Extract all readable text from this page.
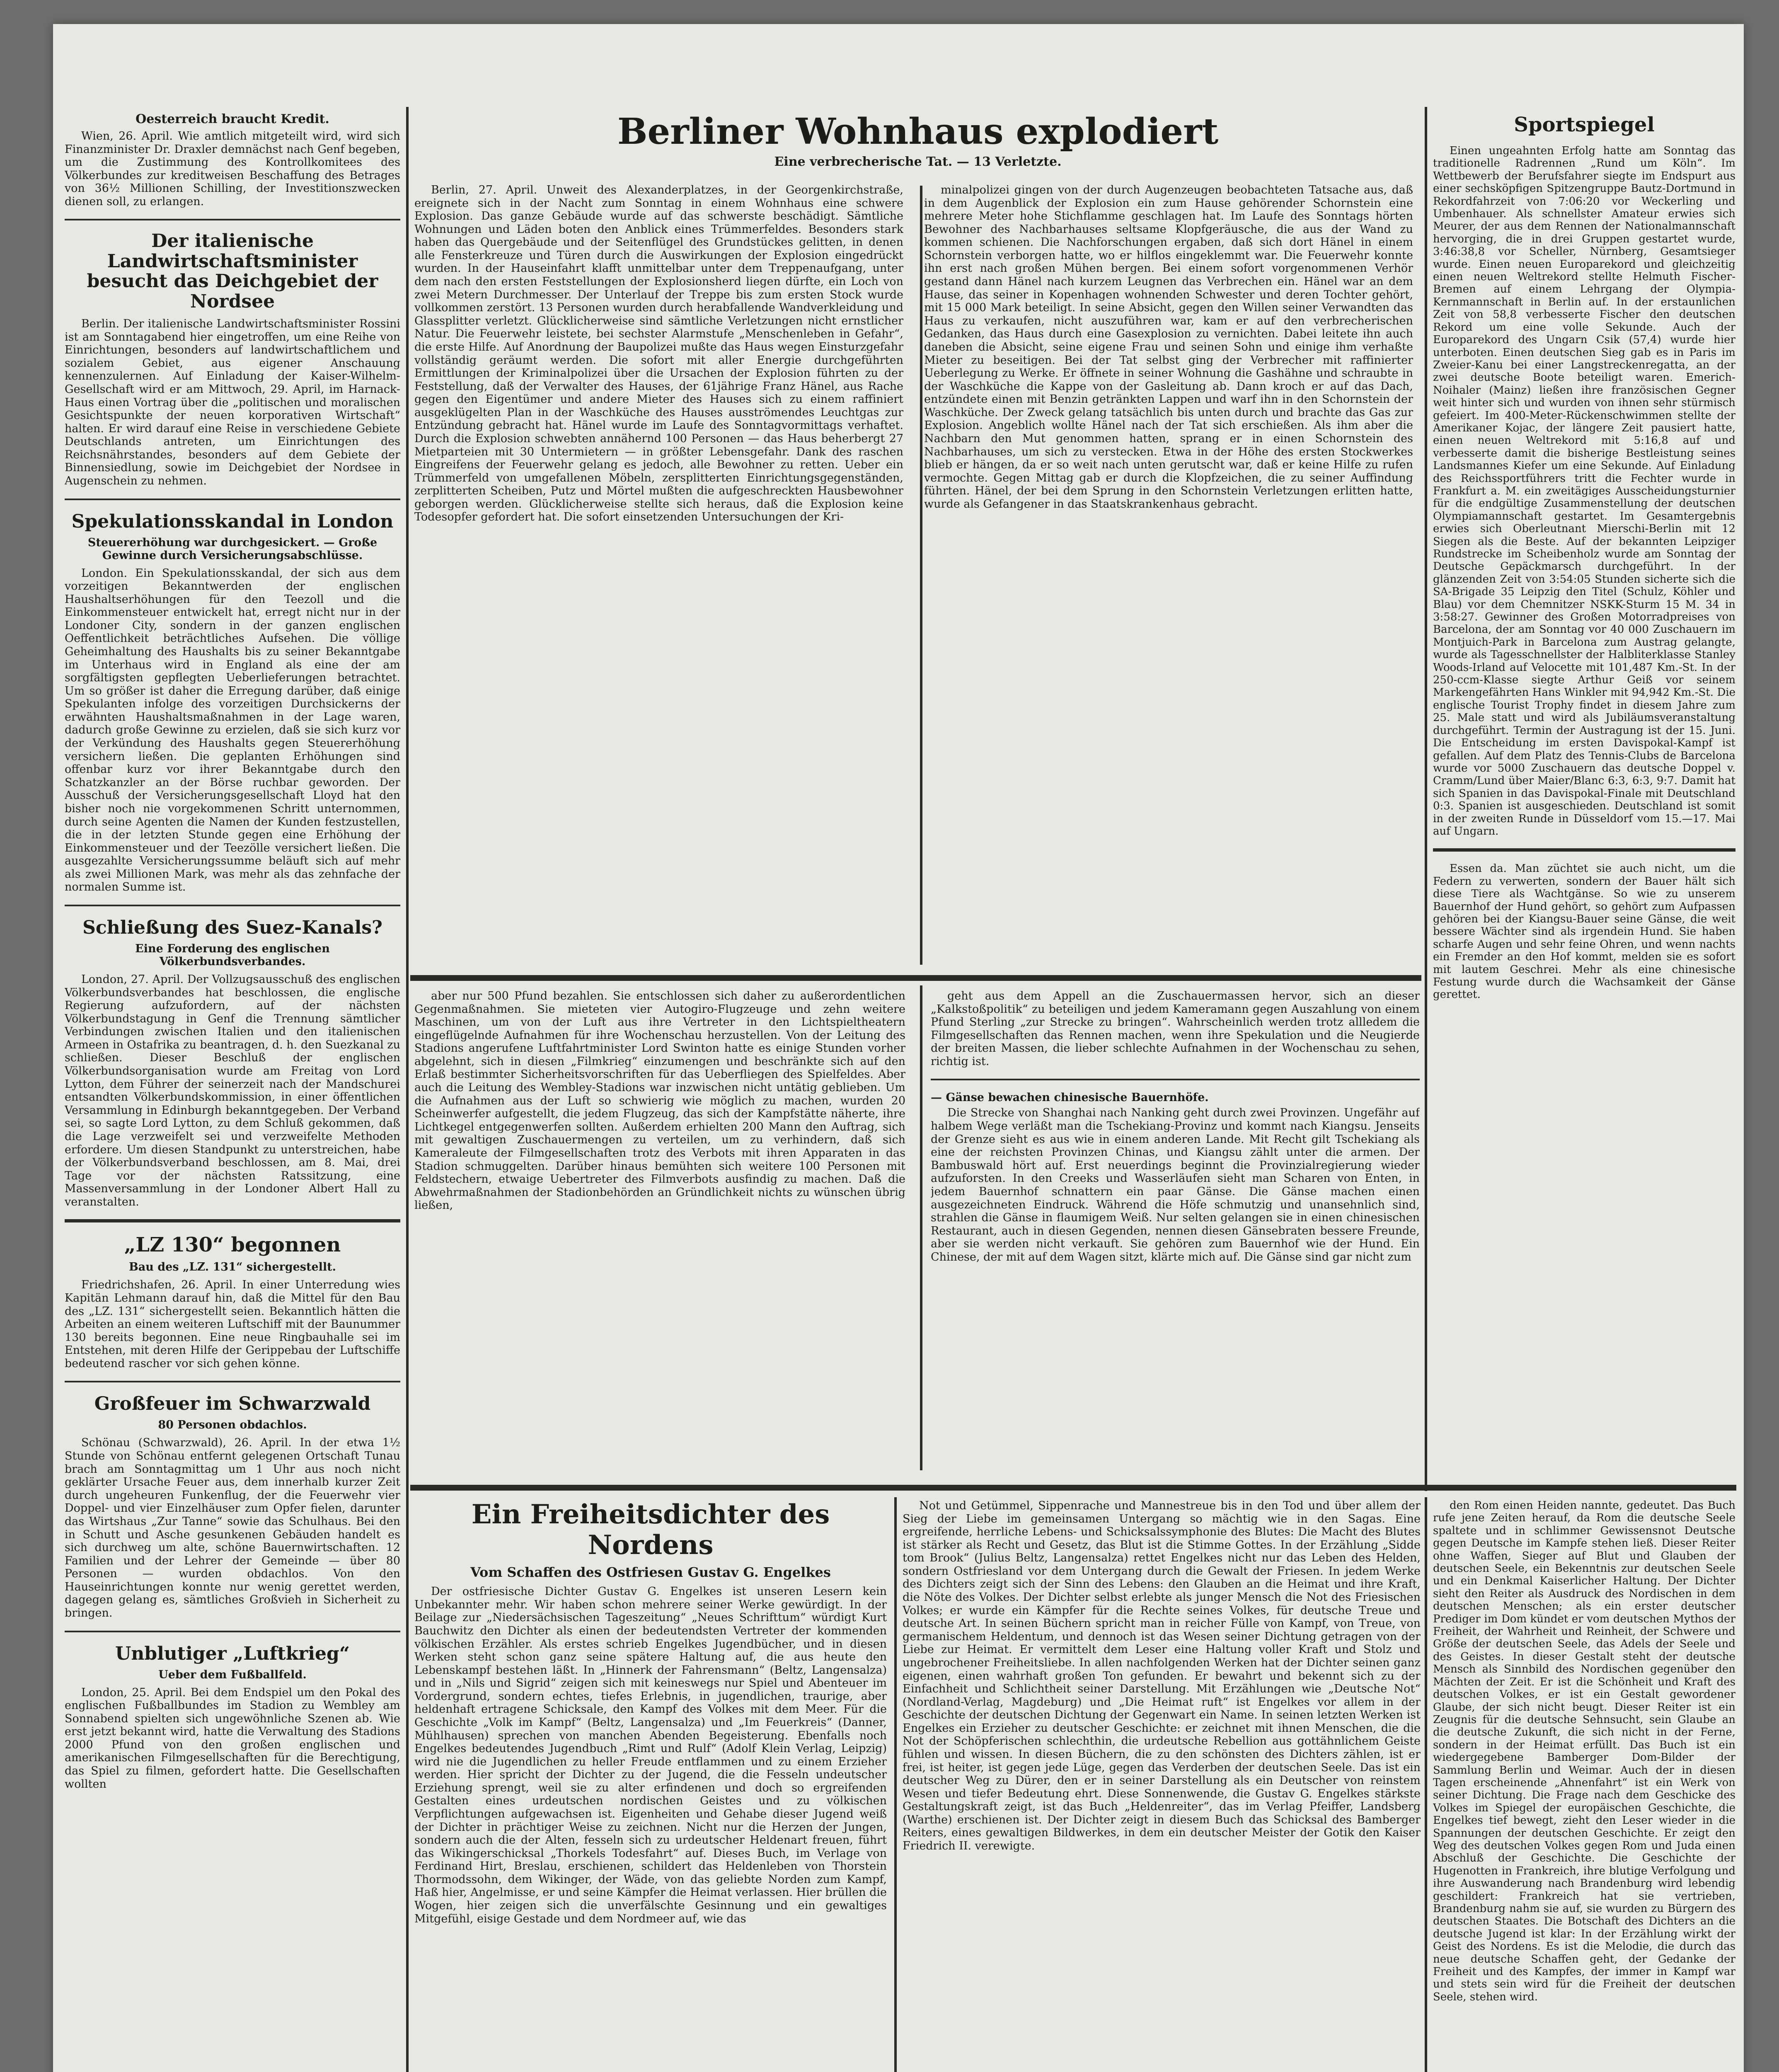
Oesterreich braucht Kredit.

Wien, 26. April. Wie amtlich mitgeteilt wird, wird sich Finanzminister Dr. Draxler demnächst nach Genf begeben, um die Zustimmung des Kontrollkomitees des Völkerbundes zur kreditweisen Beschaffung des Betrages von 36½ Millionen Schilling, der Investitionszwecken dienen soll, zu erlangen.

Der italienische Landwirtschaftsminister besucht das Deichgebiet der Nordsee

Berlin. Der italienische Landwirtschaftsminister Rossini ist am Sonntagabend hier eingetroffen, um eine Reihe von Einrichtungen, besonders auf landwirtschaftlichem und sozialem Gebiet, aus eigener Anschauung kennenzulernen. Auf Einladung der Kaiser-Wilhelm-Gesellschaft wird er am Mittwoch, 29. April, im Harnack-Haus einen Vortrag über die „politischen und moralischen Gesichtspunkte der neuen korporativen Wirtschaft“ halten. Er wird darauf eine Reise in verschiedene Gebiete Deutschlands antreten, um Einrichtungen des Reichsnährstandes, besonders auf dem Gebiete der Binnensiedlung, sowie im Deichgebiet der Nordsee in Augenschein zu nehmen.

Spekulationsskandal in London
Steuererhöhung war durchgesickert. — Große Gewinne durch Versicherungsabschlüsse.

London. Ein Spekulationsskandal, der sich aus dem vorzeitigen Bekanntwerden der englischen Haushaltserhöhungen für den Teezoll und die Einkommensteuer entwickelt hat, erregt nicht nur in der Londoner City, sondern in der ganzen englischen Oeffentlichkeit beträchtliches Aufsehen. Die völlige Geheimhaltung des Haushalts bis zu seiner Bekanntgabe im Unterhaus wird in England als eine der am sorgfältigsten gepflegten Ueberlieferungen betrachtet. Um so größer ist daher die Erregung darüber, daß einige Spekulanten infolge des vorzeitigen Durchsickerns der erwähnten Haushaltsmaßnahmen in der Lage waren, dadurch große Gewinne zu erzielen, daß sie sich kurz vor der Verkündung des Haushalts gegen Steuererhöhung versichern ließen. Die geplanten Erhöhungen sind offenbar kurz vor ihrer Bekanntgabe durch den Schatzkanzler an der Börse ruchbar geworden. Der Ausschuß der Versicherungsgesellschaft Lloyd hat den bisher noch nie vorgekommenen Schritt unternommen, durch seine Agenten die Namen der Kunden festzustellen, die in der letzten Stunde gegen eine Erhöhung der Einkommensteuer und der Teezölle versichert ließen. Die ausgezahlte Versicherungssumme beläuft sich auf mehr als zwei Millionen Mark, was mehr als das zehnfache der normalen Summe ist.

Schließung des Suez-Kanals?
Eine Forderung des englischen Völkerbundsverbandes.

London, 27. April. Der Vollzugsausschuß des englischen Völkerbundsverbandes hat beschlossen, die englische Regierung aufzufordern, auf der nächsten Völkerbundstagung in Genf die Trennung sämtlicher Verbindungen zwischen Italien und den italienischen Armeen in Ostafrika zu beantragen, d. h. den Suezkanal zu schließen. Dieser Beschluß der englischen Völkerbundsorganisation wurde am Freitag von Lord Lytton, dem Führer der seinerzeit nach der Mandschurei entsandten Völkerbundskommission, in einer öffentlichen Versammlung in Edinburgh bekanntgegeben. Der Verband sei, so sagte Lord Lytton, zu dem Schluß gekommen, daß die Lage verzweifelt sei und verzweifelte Methoden erfordere. Um diesen Standpunkt zu unterstreichen, habe der Völkerbundsverband beschlossen, am 8. Mai, drei Tage vor der nächsten Ratssitzung, eine Massenversammlung in der Londoner Albert Hall zu veranstalten.

„LZ 130“ begonnen
Bau des „LZ. 131“ sichergestellt.

Friedrichshafen, 26. April. In einer Unterredung wies Kapitän Lehmann darauf hin, daß die Mittel für den Bau des „LZ. 131“ sichergestellt seien. Bekanntlich hätten die Arbeiten an einem weiteren Luftschiff mit der Baunummer 130 bereits begonnen. Eine neue Ringbauhalle sei im Entstehen, mit deren Hilfe der Gerippebau der Luftschiffe bedeutend rascher vor sich gehen könne.

Großfeuer im Schwarzwald
80 Personen obdachlos.

Schönau (Schwarzwald), 26. April. In der etwa 1½ Stunde von Schönau entfernt gelegenen Ortschaft Tunau brach am Sonntagmittag um 1 Uhr aus noch nicht geklärter Ursache Feuer aus, dem innerhalb kurzer Zeit durch ungeheuren Funkenflug, der die Feuerwehr vier Doppel- und vier Einzelhäuser zum Opfer fielen, darunter das Wirtshaus „Zur Tanne“ sowie das Schulhaus. Bei den in Schutt und Asche gesunkenen Gebäuden handelt es sich durchweg um alte, schöne Bauernwirtschaften. 12 Familien und der Lehrer der Gemeinde — über 80 Personen — wurden obdachlos. Von den Hauseinrichtungen konnte nur wenig gerettet werden, dagegen gelang es, sämtliches Großvieh in Sicherheit zu bringen.

Unblutiger „Luftkrieg“
Ueber dem Fußballfeld.

London, 25. April. Bei dem Endspiel um den Pokal des englischen Fußballbundes im Stadion zu Wembley am Sonnabend spielten sich ungewöhnliche Szenen ab. Wie erst jetzt bekannt wird, hatte die Verwaltung des Stadions 2000 Pfund von den großen englischen und amerikanischen Filmgesellschaften für die Berechtigung, das Spiel zu filmen, gefordert hatte. Die Gesellschaften wollten

Berliner Wohnhaus explodiert
Eine verbrecherische Tat. — 13 Verletzte.

Berlin, 27. April. Unweit des Alexanderplatzes, in der Georgenkirchstraße, ereignete sich in der Nacht zum Sonntag in einem Wohnhaus eine schwere Explosion. Das ganze Gebäude wurde auf das schwerste beschädigt. Sämtliche Wohnungen und Läden boten den Anblick eines Trümmerfeldes. Besonders stark haben das Quergebäude und der Seitenflügel des Grundstückes gelitten, in denen alle Fensterkreuze und Türen durch die Auswirkungen der Explosion eingedrückt wurden. In der Hauseinfahrt klafft unmittelbar unter dem Treppenaufgang, unter dem nach den ersten Feststellungen der Explosionsherd liegen dürfte, ein Loch von zwei Metern Durchmesser. Der Unterlauf der Treppe bis zum ersten Stock wurde vollkommen zerstört. 13 Personen wurden durch herabfallende Wandverkleidung und Glassplitter verletzt. Glücklicherweise sind sämtliche Verletzungen nicht ernstlicher Natur. Die Feuerwehr leistete, bei sechster Alarmstufe „Menschenleben in Gefahr“, die erste Hilfe. Auf Anordnung der Baupolizei mußte das Haus wegen Einsturzgefahr vollständig geräumt werden. Die sofort mit aller Energie durchgeführten Ermittlungen der Kriminalpolizei über die Ursachen der Explosion führten zu der Feststellung, daß der Verwalter des Hauses, der 61jährige Franz Hänel, aus Rache gegen den Eigentümer und andere Mieter des Hauses sich zu einem raffiniert ausgeklügelten Plan in der Waschküche des Hauses ausströmendes Leuchtgas zur Entzündung gebracht hat. Hänel wurde im Laufe des Sonntagvormittags verhaftet. Durch die Explosion schwebten annähernd 100 Personen — das Haus beherbergt 27 Mietparteien mit 30 Untermietern — in größter Lebensgefahr. Dank des raschen Eingreifens der Feuerwehr gelang es jedoch, alle Bewohner zu retten. Ueber ein Trümmerfeld von umgefallenen Möbeln, zersplitterten Einrichtungsgegenständen, zerplitterten Scheiben, Putz und Mörtel mußten die aufgeschreckten Hausbewohner geborgen werden. Glücklicherweise stellte sich heraus, daß die Explosion keine Todesopfer gefordert hat. Die sofort einsetzenden Untersuchungen der Kri-

minalpolizei gingen von der durch Augenzeugen beobachteten Tatsache aus, daß in dem Augenblick der Explosion ein zum Hause gehörender Schornstein eine mehrere Meter hohe Stichflamme geschlagen hat. Im Laufe des Sonntags hörten Bewohner des Nachbarhauses seltsame Klopfgeräusche, die aus der Wand zu kommen schienen. Die Nachforschungen ergaben, daß sich dort Hänel in einem Schornstein verborgen hatte, wo er hilflos eingeklemmt war. Die Feuerwehr konnte ihn erst nach großen Mühen bergen. Bei einem sofort vorgenommenen Verhör gestand dann Hänel nach kurzem Leugnen das Verbrechen ein. Hänel war an dem Hause, das seiner in Kopenhagen wohnenden Schwester und deren Tochter gehört, mit 15 000 Mark beteiligt. In seine Absicht, gegen den Willen seiner Verwandten das Haus zu verkaufen, nicht auszuführen war, kam er auf den verbrecherischen Gedanken, das Haus durch eine Gasexplosion zu vernichten. Dabei leitete ihn auch daneben die Absicht, seine eigene Frau und seinen Sohn und einige ihm verhaßte Mieter zu beseitigen. Bei der Tat selbst ging der Verbrecher mit raffinierter Ueberlegung zu Werke. Er öffnete in seiner Wohnung die Gashähne und schraubte in der Waschküche die Kappe von der Gasleitung ab. Dann kroch er auf das Dach, entzündete einen mit Benzin getränkten Lappen und warf ihn in den Schornstein der Waschküche. Der Zweck gelang tatsächlich bis unten durch und brachte das Gas zur Explosion. Angeblich wollte Hänel nach der Tat sich erschießen. Als ihm aber die Nachbarn den Mut genommen hatten, sprang er in einen Schornstein des Nachbarhauses, um sich zu verstecken. Etwa in der Höhe des ersten Stockwerkes blieb er hängen, da er so weit nach unten gerutscht war, daß er keine Hilfe zu rufen vermochte. Gegen Mittag gab er durch die Klopfzeichen, die zu seiner Auffindung führten. Hänel, der bei dem Sprung in den Schornstein Verletzungen erlitten hatte, wurde als Gefangener in das Staatskrankenhaus gebracht.

aber nur 500 Pfund bezahlen. Sie entschlossen sich daher zu außerordentlichen Gegenmaßnahmen. Sie mieteten vier Autogiro-Flugzeuge und zehn weitere Maschinen, um von der Luft aus ihre Vertreter in den Lichtspieltheatern eingeflügelnde Aufnahmen für ihre Wochenschau herzustellen. Von der Leitung des Stadions angerufene Luftfahrtminister Lord Swinton hatte es einige Stunden vorher abgelehnt, sich in diesen „Filmkrieg“ einzumengen und beschränkte sich auf den Erlaß bestimmter Sicherheitsvorschriften für das Ueberfliegen des Spielfeldes. Aber auch die Leitung des Wembley-Stadions war inzwischen nicht untätig geblieben. Um die Aufnahmen aus der Luft so schwierig wie möglich zu machen, wurden 20 Scheinwerfer aufgestellt, die jedem Flugzeug, das sich der Kampfstätte näherte, ihre Lichtkegel entgegenwerfen sollten. Außerdem erhielten 200 Mann den Auftrag, sich mit gewaltigen Zuschauermengen zu verteilen, um zu verhindern, daß sich Kameraleute der Filmgesellschaften trotz des Verbots mit ihren Apparaten in das Stadion schmuggelten. Darüber hinaus bemühten sich weitere 100 Personen mit Feldstechern, etwaige Uebertreter des Filmverbots ausfindig zu machen. Daß die Abwehrmaßnahmen der Stadionbehörden an Gründlichkeit nichts zu wünschen übrig ließen,

geht aus dem Appell an die Zuschauermassen hervor, sich an dieser „Kalkstoßpolitik“ zu beteiligen und jedem Kameramann gegen Auszahlung von einem Pfund Sterling „zur Strecke zu bringen“. Wahrscheinlich werden trotz allledem die Filmgesellschaften das Rennen machen, wenn ihre Spekulation und die Neugierde der breiten Massen, die lieber schlechte Aufnahmen in der Wochenschau zu sehen, richtig ist.

— Gänse bewachen chinesische Bauernhöfe.

Die Strecke von Shanghai nach Nanking geht durch zwei Provinzen. Ungefähr auf halbem Wege verläßt man die Tschekiang-Provinz und kommt nach Kiangsu. Jenseits der Grenze sieht es aus wie in einem anderen Lande. Mit Recht gilt Tschekiang als eine der reichsten Provinzen Chinas, und Kiangsu zählt unter die armen. Der Bambuswald hört auf. Erst neuerdings beginnt die Provinzialregierung wieder aufzuforsten. In den Creeks und Wasserläufen sieht man Scharen von Enten, in jedem Bauernhof schnattern ein paar Gänse. Die Gänse machen einen ausgezeichneten Eindruck. Während die Höfe schmutzig und unansehnlich sind, strahlen die Gänse in flaumigem Weiß. Nur selten gelangen sie in einen chinesischen Restaurant, auch in diesen Gegenden, nennen diesen Gänsebraten bessere Freunde, aber sie werden nicht verkauft. Sie gehören zum Bauernhof wie der Hund. Ein Chinese, der mit auf dem Wagen sitzt, klärte mich auf. Die Gänse sind gar nicht zum

Sportspiegel

Einen ungeahnten Erfolg hatte am Sonntag das traditionelle Radrennen „Rund um Köln“. Im Wettbewerb der Berufsfahrer siegte im Endspurt aus einer sechsköpfigen Spitzengruppe Bautz-Dortmund in Rekordfahrzeit von 7:06:20 vor Weckerling und Umbenhauer. Als schnellster Amateur erwies sich Meurer, der aus dem Rennen der Nationalmannschaft hervorging, die in drei Gruppen gestartet wurde, 3:46:38,8 vor Scheller, Nürnberg, Gesamtsieger wurde. Einen neuen Europarekord und gleichzeitig einen neuen Weltrekord stellte Helmuth Fischer-Bremen auf einem Lehrgang der Olympia-Kernmannschaft in Berlin auf. In der erstaunlichen Zeit von 58,8 verbesserte Fischer den deutschen Rekord um eine volle Sekunde. Auch der Europarekord des Ungarn Csik (57,4) wurde hier unterboten. Einen deutschen Sieg gab es in Paris im Zweier-Kanu bei einer Langstreckenregatta, an der zwei deutsche Boote beteiligt waren. Emerich-Noihaler (Mainz) ließen ihre französischen Gegner weit hinter sich und wurden von ihnen sehr stürmisch gefeiert. Im 400-Meter-Rückenschwimmen stellte der Amerikaner Kojac, der längere Zeit pausiert hatte, einen neuen Weltrekord mit 5:16,8 auf und verbesserte damit die bisherige Bestleistung seines Landsmannes Kiefer um eine Sekunde. Auf Einladung des Reichssportführers tritt die Fechter wurde in Frankfurt a. M. ein zweitägiges Ausscheidungsturnier für die endgültige Zusammenstellung der deutschen Olympiamannschaft gestartet. Im Gesamtergebnis erwies sich Oberleutnant Mierschi-Berlin mit 12 Siegen als die Beste. Auf der bekannten Leipziger Rundstrecke im Scheibenholz wurde am Sonntag der Deutsche Gepäckmarsch durchgeführt. In der glänzenden Zeit von 3:54:05 Stunden sicherte sich die SA-Brigade 35 Leipzig den Titel (Schulz, Köhler und Blau) vor dem Chemnitzer NSKK-Sturm 15 M. 34 in 3:58:27. Gewinner des Großen Motorradpreises von Barcelona, der am Sonntag vor 40 000 Zuschauern im Montjuich-Park in Barcelona zum Austrag gelangte, wurde als Tagesschnellster der Halbliterklasse Stanley Woods-Irland auf Velocette mit 101,487 Km.-St. In der 250-ccm-Klasse siegte Arthur Geiß vor seinem Markengefährten Hans Winkler mit 94,942 Km.-St. Die englische Tourist Trophy findet in diesem Jahre zum 25. Male statt und wird als Jubiläumsveranstaltung durchgeführt. Termin der Austragung ist der 15. Juni. Die Entscheidung im ersten Davispokal-Kampf ist gefallen. Auf dem Platz des Tennis-Clubs de Barcelona wurde vor 5000 Zuschauern das deutsche Doppel v. Cramm/Lund über Maier/Blanc 6:3, 6:3, 9:7. Damit hat sich Spanien in das Davispokal-Finale mit Deutschland 0:3. Spanien ist ausgeschieden. Deutschland ist somit in der zweiten Runde in Düsseldorf vom 15.—17. Mai auf Ungarn.

Essen da. Man züchtet sie auch nicht, um die Federn zu verwerten, sondern der Bauer hält sich diese Tiere als Wachtgänse. So wie zu unserem Bauernhof der Hund gehört, so gehört zum Aufpassen gehören bei der Kiangsu-Bauer seine Gänse, die weit bessere Wächter sind als irgendein Hund. Sie haben scharfe Augen und sehr feine Ohren, und wenn nachts ein Fremder an den Hof kommt, melden sie es sofort mit lautem Geschrei. Mehr als eine chinesische Festung wurde durch die Wachsamkeit der Gänse gerettet.

Ein Freiheitsdichter des Nordens
Vom Schaffen des Ostfriesen Gustav G. Engelkes

Der ostfriesische Dichter Gustav G. Engelkes ist unseren Lesern kein Unbekannter mehr. Wir haben schon mehrere seiner Werke gewürdigt. In der Beilage zur „Niedersächsischen Tageszeitung“ „Neues Schrifttum“ würdigt Kurt Bauchwitz den Dichter als einen der bedeutendsten Vertreter der kommenden völkischen Erzähler. Als erstes schrieb Engelkes Jugendbücher, und in diesen Werken steht schon ganz seine spätere Haltung auf, die aus heute den Lebenskampf bestehen läßt. In „Hinnerk der Fahrensmann“ (Beltz, Langensalza) und in „Nils und Sigrid“ zeigen sich mit keineswegs nur Spiel und Abenteuer im Vordergrund, sondern echtes, tiefes Erlebnis, in jugendlichen, traurige, aber heldenhaft ertragene Schicksale, den Kampf des Volkes mit dem Meer. Für die Geschichte „Volk im Kampf“ (Beltz, Langensalza) und „Im Feuerkreis“ (Danner, Mühlhausen) sprechen von manchen Abenden Begeisterung. Ebenfalls noch Engelkes bedeutendes Jugendbuch „Rimt und Rulf“ (Adolf Klein Verlag, Leipzig) wird nie die Jugendlichen zu heller Freude entflammen und zu einem Erzieher werden. Hier spricht der Dichter zu der Jugend, die die Fesseln undeutscher Erziehung sprengt, weil sie zu alter erfindenen und doch so ergreifenden Gestalten eines urdeutschen nordischen Geistes und zu völkischen Verpflichtungen aufgewachsen ist. Eigenheiten und Gehabe dieser Jugend weiß der Dichter in prächtiger Weise zu zeichnen. Nicht nur die Herzen der Jungen, sondern auch die der Alten, fesseln sich zu urdeutscher Heldenart freuen, führt das Wikingerschicksal „Thorkels Todesfahrt“ auf. Dieses Buch, im Verlage von Ferdinand Hirt, Breslau, erschienen, schildert das Heldenleben von Thorstein Thormodssohn, dem Wikinger, der Wäde, von das geliebte Norden zum Kampf, Haß hier, Angelmisse, er und seine Kämpfer die Heimat verlassen. Hier brüllen die Wogen, hier zeigen sich die unverfälschte Gesinnung und ein gewaltiges Mitgefühl, eisige Gestade und dem Nordmeer auf, wie das

Not und Getümmel, Sippenrache und Mannestreue bis in den Tod und über allem der Sieg der Liebe im gemeinsamen Untergang so mächtig wie in den Sagas. Eine ergreifende, herrliche Lebens- und Schicksalssymphonie des Blutes: Die Macht des Blutes ist stärker als Recht und Gesetz, das Blut ist die Stimme Gottes. In der Erzählung „Sidde tom Brook“ (Julius Beltz, Langensalza) rettet Engelkes nicht nur das Leben des Helden, sondern Ostfriesland vor dem Untergang durch die Gewalt der Friesen. In jedem Werke des Dichters zeigt sich der Sinn des Lebens: den Glauben an die Heimat und ihre Kraft, die Nöte des Volkes. Der Dichter selbst erlebte als junger Mensch die Not des Friesischen Volkes; er wurde ein Kämpfer für die Rechte seines Volkes, für deutsche Treue und deutsche Art. In seinen Büchern spricht man in reicher Fülle von Kampf, von Treue, von germanischem Heldentum, und dennoch ist das Wesen seiner Dichtung getragen von der Liebe zur Heimat. Er vermittelt dem Leser eine Haltung voller Kraft und Stolz und ungebrochener Freiheitsliebe. In allen nachfolgenden Werken hat der Dichter seinen ganz eigenen, einen wahrhaft großen Ton gefunden. Er bewahrt und bekennt sich zu der Einfachheit und Schlichtheit seiner Darstellung. Mit Erzählungen wie „Deutsche Not“ (Nordland-Verlag, Magdeburg) und „Die Heimat ruft“ ist Engelkes vor allem in der Geschichte der deutschen Dichtung der Gegenwart ein Name. In seinen letzten Werken ist Engelkes ein Erzieher zu deutscher Geschichte: er zeichnet mit ihnen Menschen, die die Not der Schöpferischen schlechthin, die urdeutsche Rebellion aus gottähnlichem Geiste fühlen und wissen. In diesen Büchern, die zu den schönsten des Dichters zählen, ist er frei, ist heiter, ist gegen jede Lüge, gegen das Verderben der deutschen Seele. Das ist ein deutscher Weg zu Dürer, den er in seiner Darstellung als ein Deutscher von reinstem Wesen und tiefer Bedeutung ehrt. Diese Sonnenwende, die Gustav G. Engelkes stärkste Gestaltungskraft zeigt, ist das Buch „Heldenreiter“, das im Verlag Pfeiffer, Landsberg (Warthe) erschienen ist. Der Dichter zeigt in diesem Buch das Schicksal des Bamberger Reiters, eines gewaltigen Bildwerkes, in dem ein deutscher Meister der Gotik den Kaiser Friedrich II. verewigte.

den Rom einen Heiden nannte, gedeutet. Das Buch rufe jene Zeiten herauf, da Rom die deutsche Seele spaltete und in schlimmer Gewissensnot Deutsche gegen Deutsche im Kampfe stehen ließ. Dieser Reiter ohne Waffen, Sieger auf Blut und Glauben der deutschen Seele, ein Bekenntnis zur deutschen Seele und ein Denkmal Kaiserlicher Haltung. Der Dichter sieht den Reiter als Ausdruck des Nordischen in dem deutschen Menschen; als ein erster deutscher Prediger im Dom kündet er vom deutschen Mythos der Freiheit, der Wahrheit und Reinheit, der Schwere und Größe der deutschen Seele, das Adels der Seele und des Geistes. In dieser Gestalt steht der deutsche Mensch als Sinnbild des Nordischen gegenüber den Mächten der Zeit. Er ist die Schönheit und Kraft des deutschen Volkes, er ist ein Gestalt gewordener Glaube, der sich nicht beugt. Dieser Reiter ist ein Zeugnis für die deutsche Sehnsucht, sein Glaube an die deutsche Zukunft, die sich nicht in der Ferne, sondern in der Heimat erfüllt. Das Buch ist ein wiedergegebene Bamberger Dom-Bilder der Sammlung Berlin und Weimar. Auch der in diesen Tagen erscheinende „Ahnenfahrt“ ist ein Werk von seiner Dichtung. Die Frage nach dem Geschicke des Volkes im Spiegel der europäischen Geschichte, die Engelkes tief bewegt, zieht den Leser wieder in die Spannungen der deutschen Geschichte. Er zeigt den Weg des deutschen Volkes gegen Rom und Juda einen Abschluß der Geschichte. Die Geschichte der Hugenotten in Frankreich, ihre blutige Verfolgung und ihre Auswanderung nach Brandenburg wird lebendig geschildert: Frankreich hat sie vertrieben, Brandenburg nahm sie auf, sie wurden zu Bürgern des deutschen Staates. Die Botschaft des Dichters an die deutsche Jugend ist klar: In der Erzählung wirkt der Geist des Nordens. Es ist die Melodie, die durch das neue deutsche Schaffen geht, der Gedanke der Freiheit und des Kampfes, der immer in Kampf war und stets sein wird für die Freiheit der deutschen Seele, stehen wird.
